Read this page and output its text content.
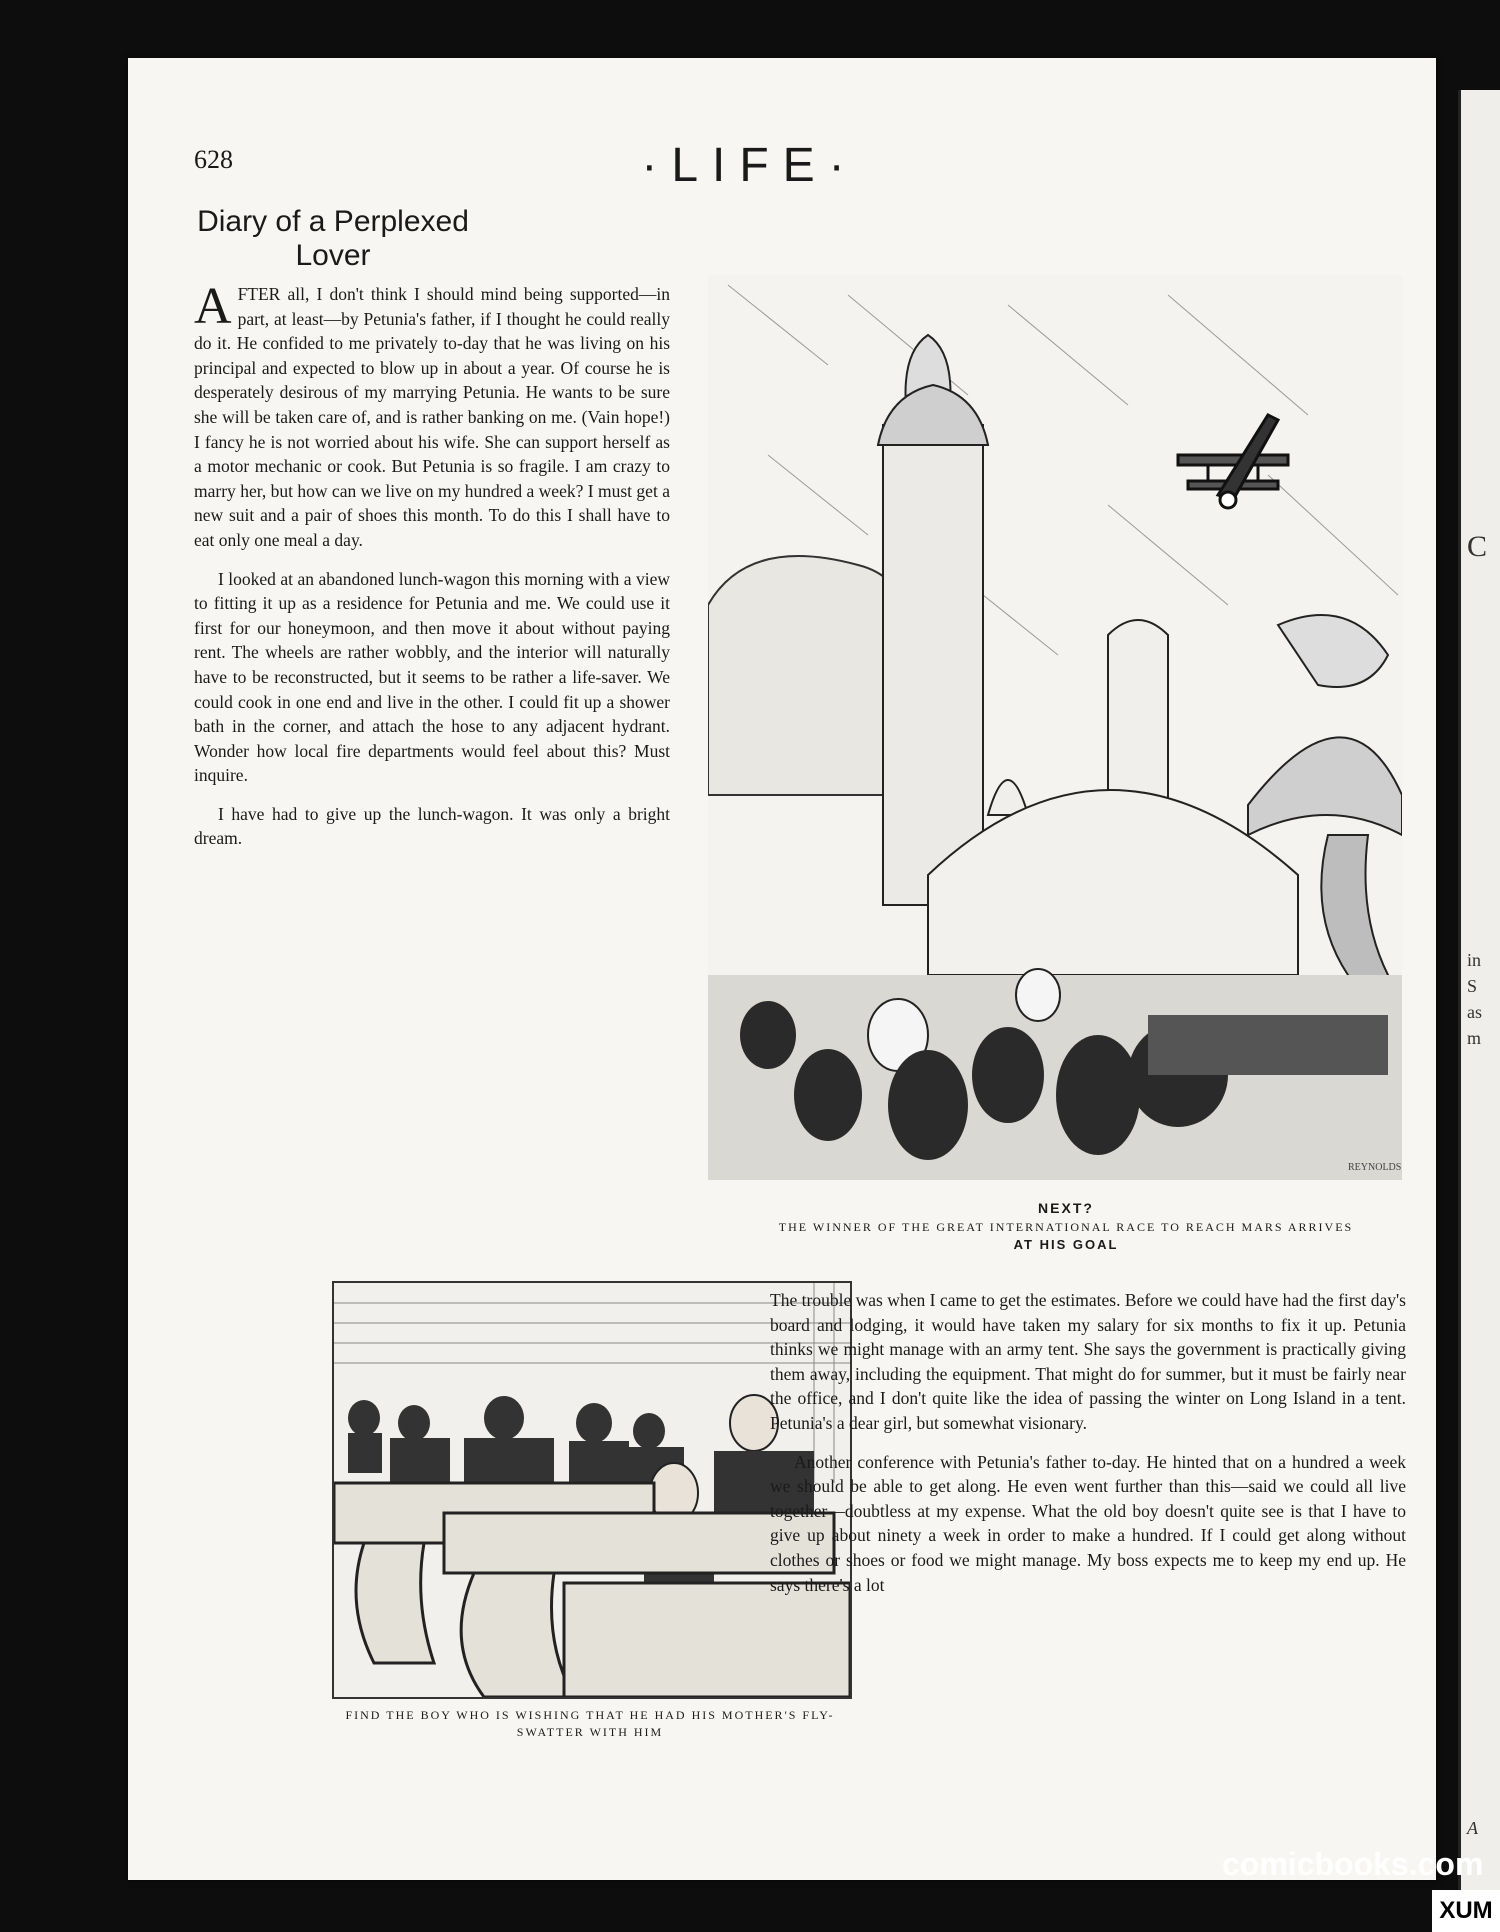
C
in
S
as
m
A
628	·LIFE·
Diary of a Perplexed Lover

AFTER all, I don't think I should mind being supported—in part, at least—by Petunia's father, if I thought he could really do it. He confided to me privately to-day that he was living on his principal and expected to blow up in about a year. Of course he is desperately desirous of my marrying Petunia. He wants to be sure she will be taken care of, and is rather banking on me. (Vain hope!) I fancy he is not worried about his wife. She can support herself as a motor mechanic or cook. But Petunia is so fragile. I am crazy to marry her, but how can we live on my hundred a week? I must get a new suit and a pair of shoes this month. To do this I shall have to eat only one meal a day.

I looked at an abandoned lunch-wagon this morning with a view to fitting it up as a residence for Petunia and me. We could use it first for our honeymoon, and then move it about without paying rent. The wheels are rather wobbly, and the interior will naturally have to be reconstructed, but it seems to be rather a life-saver. We could cook in one end and live in the other. I could fit up a shower bath in the corner, and attach the hose to any adjacent hydrant. Wonder how local fire departments would feel about this? Must inquire.

I have had to give up the lunch-wagon. It was only a bright dream.

REYNOLDS
NEXT?
THE WINNER OF THE GREAT INTERNATIONAL RACE TO REACH MARS ARRIVES
AT HIS GOAL
FIND THE BOY WHO IS WISHING THAT HE HAD HIS MOTHER'S FLY-SWATTER WITH HIM

The trouble was when I came to get the estimates. Before we could have had the first day's board and lodging, it would have taken my salary for six months to fix it up. Petunia thinks we might manage with an army tent. She says the government is practically giving them away, including the equipment. That might do for summer, but it must be fairly near the office, and I don't quite like the idea of passing the winter on Long Island in a tent. Petunia's a dear girl, but somewhat visionary.

Another conference with Petunia's father to-day. He hinted that on a hundred a week we should be able to get along. He even went further than this—said we could all live together—doubtless at my expense. What the old boy doesn't quite see is that I have to give up about ninety a week in order to make a hundred. If I could get along without clothes or shoes or food we might manage. My boss expects me to keep my end up. He says there's a lot

comicbooks.com
XUM
